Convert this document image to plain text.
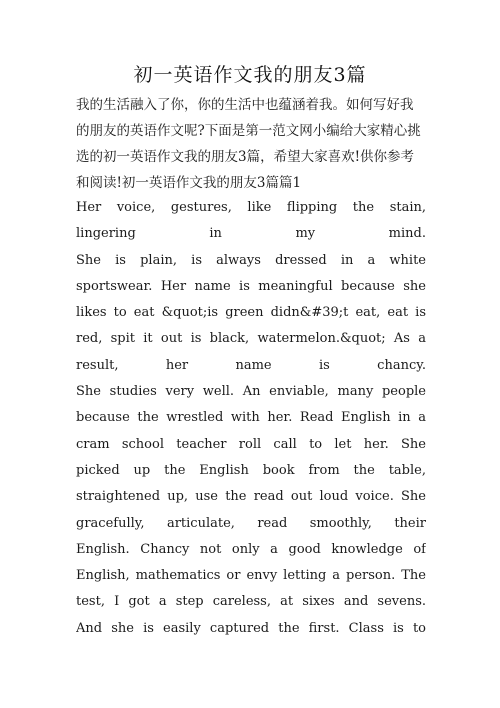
初一英语作文我的朋友3篇
我的生活融入了你，你的生活中也蕴涵着我。如何写好我
的朋友的英语作文呢?下面是第一范文网小编给大家精心挑
选的初一英语作文我的朋友3篇，希望大家喜欢!供你参考
和阅读!初一英语作文我的朋友3篇篇1
Her voice, gestures, like flipping the stain,
lingering in my mind.
She is plain, is always dressed in a white
sportswear. Her name is meaningful because she
likes to eat &quot;is green didn&#39;t eat, eat is
red, spit it out is black, watermelon.&quot; As a
result, her name is chancy.
She studies very well. An enviable, many people
because the wrestled with her. Read English in a
cram school teacher roll call to let her. She
picked up the English book from the table,
straightened up, use the read out loud voice. She
gracefully, articulate, read smoothly, their
English. Chancy not only a good knowledge of
English, mathematics or envy letting a person. The
test, I got a step careless, at sixes and sevens.
And she is easily captured the first. Class is to
